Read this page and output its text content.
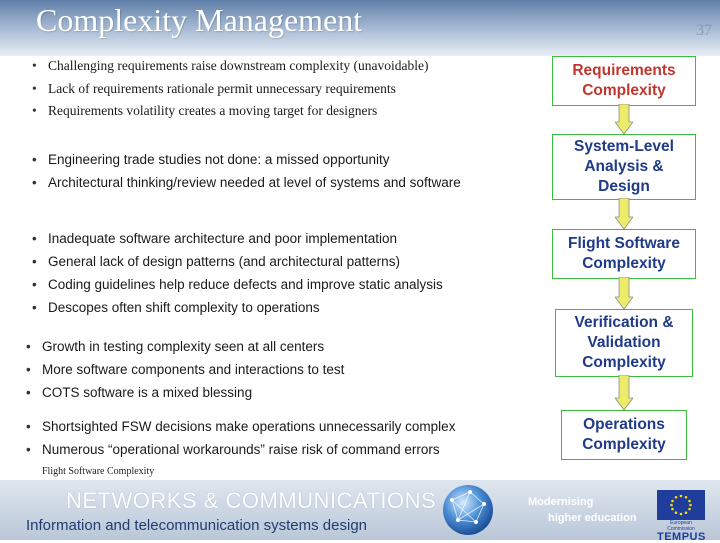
Complexity Management	37
• Challenging requirements raise downstream complexity (unavoidable)
• Lack of requirements rationale permit unnecessary requirements
• Requirements volatility creates a moving target for designers
• Engineering trade studies not done: a missed opportunity
• Architectural thinking/review needed at level of systems and software
• Inadequate software architecture and poor implementation
• General lack of design patterns (and architectural patterns)
• Coding guidelines help reduce defects and improve static analysis
• Descopes often shift complexity to operations
• Growth in testing complexity seen at all centers
• More software components and interactions to test
• COTS software is a mixed blessing
• Shortsighted FSW decisions make operations unnecessarily complex
• Numerous “operational workarounds” raise risk of command errors
Requirements
Complexity
System-Level
Analysis &
Design
Flight Software
Complexity
Verification &
Validation
Complexity
Operations
Complexity
Flight Software Complexity
NETWORKS & COMMUNICATIONS
Information and telecommunication systems design
Modernising
higher education	European Commission
TEMPUS
